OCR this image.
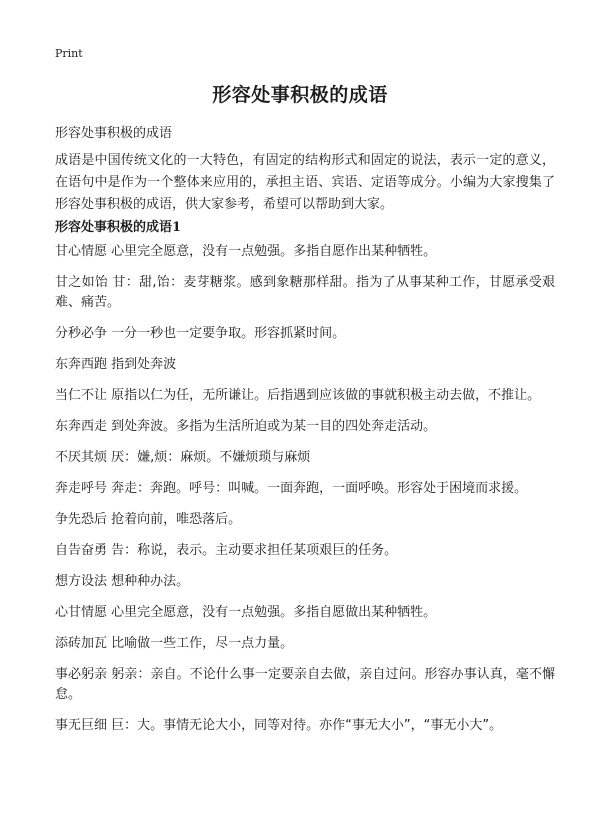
Print
形容处事积极的成语

形容处事积极的成语

成语是中国传统文化的一大特色，有固定的结构形式和固定的说法，表示一定的意义，在语句中是作为一个整体来应用的，承担主语、宾语、定语等成分。小编为大家搜集了形容处事积极的成语，供大家参考，希望可以帮助到大家。

形容处事积极的成语1
甘心情愿 心里完全愿意，没有一点勉强。多指自愿作出某种牺牲。
甘之如饴 甘：甜,饴：麦芽糖浆。感到象糖那样甜。指为了从事某种工作，甘愿承受艰难、痛苦。
分秒必争 一分一秒也一定要争取。形容抓紧时间。
东奔西跑 指到处奔波
当仁不让 原指以仁为任，无所谦让。后指遇到应该做的事就积极主动去做，不推让。
东奔西走 到处奔波。多指为生活所迫或为某一目的四处奔走活动。
不厌其烦 厌：嫌,烦：麻烦。不嫌烦琐与麻烦
奔走呼号 奔走：奔跑。呼号：叫喊。一面奔跑，一面呼唤。形容处于困境而求援。
争先恐后 抢着向前，唯恐落后。
自告奋勇 告：称说，表示。主动要求担任某项艰巨的任务。
想方设法 想种种办法。
心甘情愿 心里完全愿意，没有一点勉强。多指自愿做出某种牺牲。
添砖加瓦 比喻做一些工作，尽一点力量。
事必躬亲 躬亲：亲自。不论什么事一定要亲自去做，亲自过问。形容办事认真，毫不懈怠。
事无巨细 巨：大。事情无论大小，同等对待。亦作“事无大小”，“事无小大”。
